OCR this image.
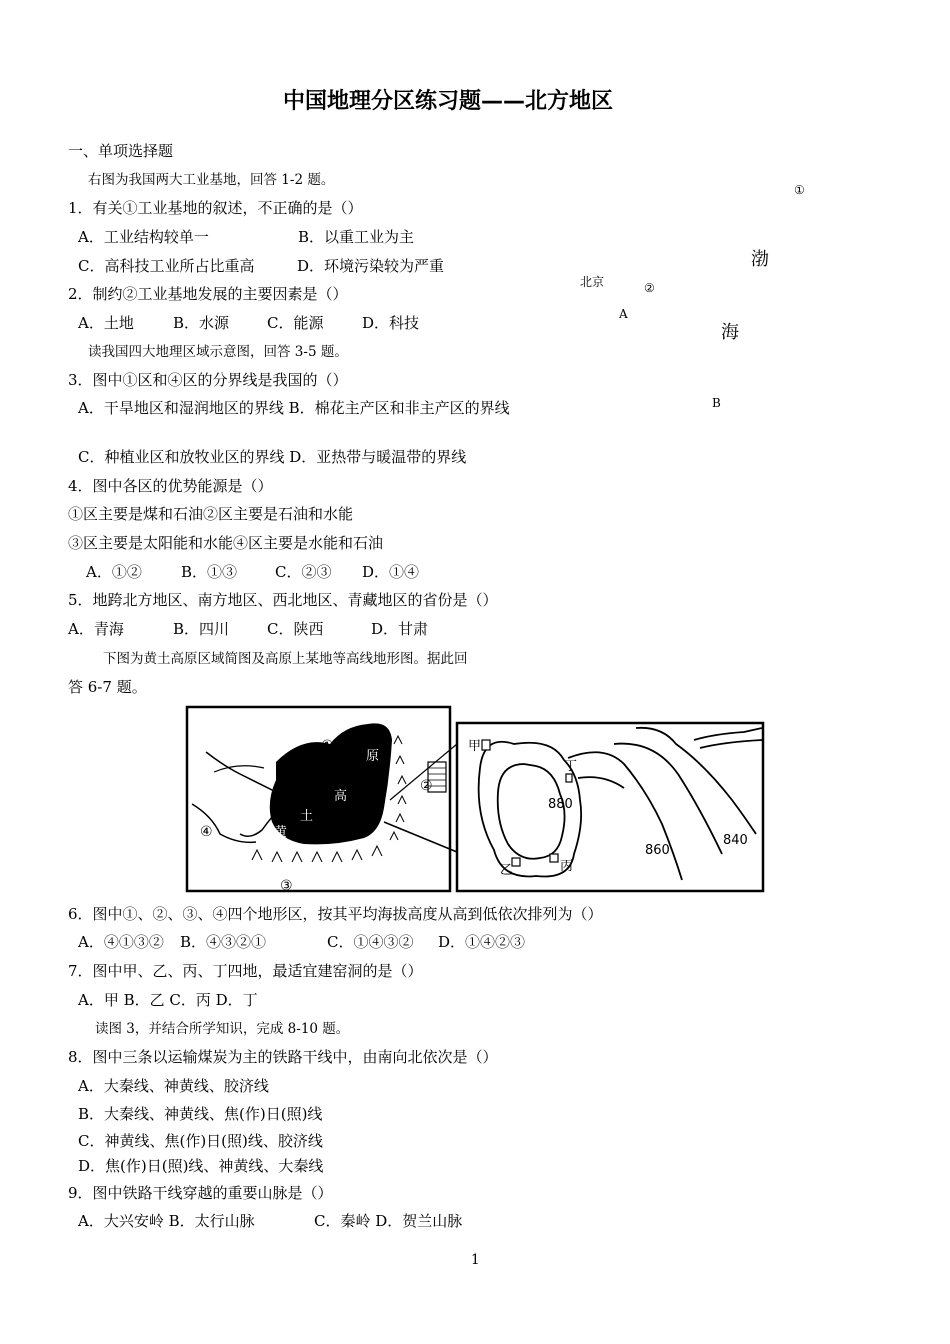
中国地理分区练习题——北方地区
一、单项选择题
右图为我国两大工业基地，回答 1-2 题。
1．有关①工业基地的叙述，不正确的是（）
A．工业结构较单一	B．以重工业为主
C．高科技工业所占比重高	D．环境污染较为严重
2．制约②工业基地发展的主要因素是（）
A．土地	B．水源	C．能源	D．科技
读我国四大地理区域示意图，回答 3-5 题。
3．图中①区和④区的分界线是我国的（）
A．干旱地区和湿润地区的界线 B．棉花主产区和非主产区的界线
C．种植业区和放牧业区的界线 D．亚热带与暖温带的界线
4．图中各区的优势能源是（）
①区主要是煤和石油②区主要是石油和水能
③区主要是太阳能和水能④区主要是水能和石油
A．①②	B．①③	C．②③ D．①④
5．地跨北方地区、南方地区、西北地区、青藏地区的省份是（）
A．青海	B．四川	C．陕西	D．甘肃
下图为黄土高原区域简图及高原上某地等高线地形图。据此回
答 6-7 题。
①
渤
北京	②
A
海
B
①
②
③
④
原
高
土
黄
甲
乙	丙
丁
880
860
840
6．图中①、②、③、④四个地形区，按其平均海拔高度从高到低依次排列为（）
A．④①③② B．④③②①	C．①④③② D．①④②③
7．图中甲、乙、丙、丁四地，最适宜建窑洞的是（）
A．甲 B．乙 C．丙 D．丁
读图 3，并结合所学知识，完成 8-10 题。
8．图中三条以运输煤炭为主的铁路干线中，由南向北依次是（）
A．大秦线、神黄线、胶济线
B．大秦线、神黄线、焦(作)日(照)线
C．神黄线、焦(作)日(照)线、胶济线
D．焦(作)日(照)线、神黄线、大秦线
9．图中铁路干线穿越的重要山脉是（）
A．大兴安岭 B．太行山脉	C．秦岭 D．贺兰山脉
1
